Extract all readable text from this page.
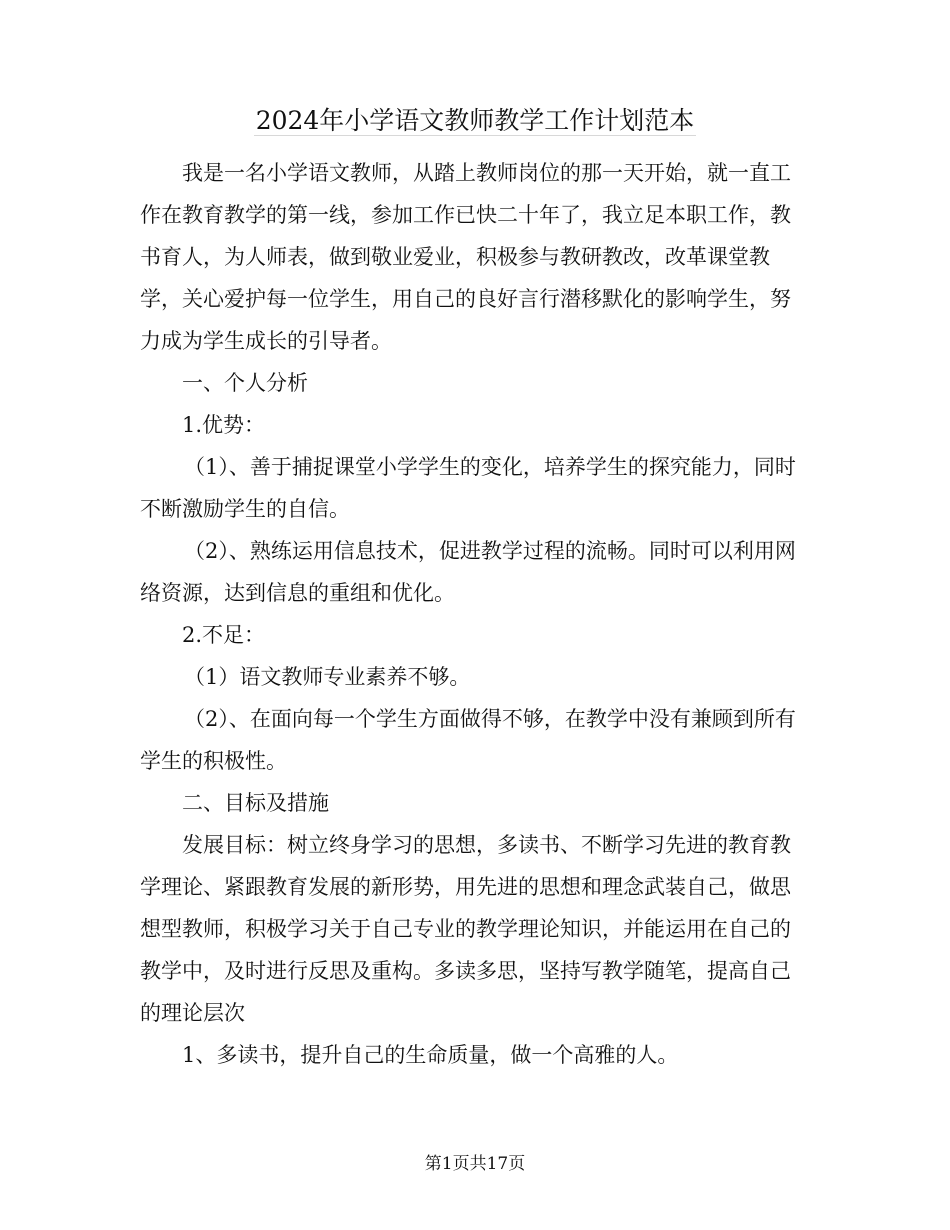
2024年小学语文教师教学工作计划范本

我是一名小学语文教师，从踏上教师岗位的那一天开始，就一直工作在教育教学的第一线，参加工作已快二十年了，我立足本职工作，教书育人，为人师表，做到敬业爱业，积极参与教研教改，改革课堂教学，关心爱护每一位学生，用自己的良好言行潜移默化的影响学生，努力成为学生成长的引导者。

一、个人分析

1.优势：

（1）、善于捕捉课堂小学学生的变化，培养学生的探究能力，同时不断激励学生的自信。

（2）、熟练运用信息技术，促进教学过程的流畅。同时可以利用网络资源，达到信息的重组和优化。

2.不足：

（1）语文教师专业素养不够。

（2）、在面向每一个学生方面做得不够，在教学中没有兼顾到所有学生的积极性。

二、目标及措施

发展目标：树立终身学习的思想，多读书、不断学习先进的教育教学理论、紧跟教育发展的新形势，用先进的思想和理念武装自己，做思想型教师，积极学习关于自己专业的教学理论知识，并能运用在自己的教学中，及时进行反思及重构。多读多思，坚持写教学随笔，提高自己的理论层次

1、多读书，提升自己的生命质量，做一个高雅的人。

第1页共17页
